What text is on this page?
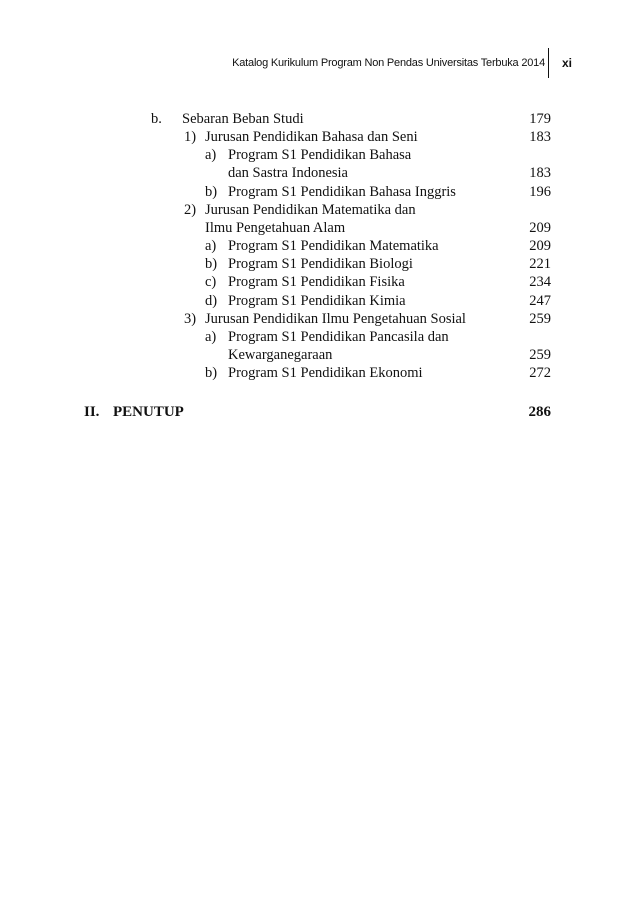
Katalog Kurikulum Program Non Pendas Universitas Terbuka 2014 xi
b. Sebaran Beban Studi	179
1) Jurusan Pendidikan Bahasa dan Seni	183
a) Program S1 Pendidikan Bahasa
dan Sastra Indonesia	183
b) Program S1 Pendidikan Bahasa Inggris	196
2) Jurusan Pendidikan Matematika dan
Ilmu Pengetahuan Alam	209
a) Program S1 Pendidikan Matematika	209
b) Program S1 Pendidikan Biologi	221
c) Program S1 Pendidikan Fisika	234
d) Program S1 Pendidikan Kimia	247
3) Jurusan Pendidikan Ilmu Pengetahuan Sosial	259
a) Program S1 Pendidikan Pancasila dan
Kewarganegaraan	259
b) Program S1 Pendidikan Ekonomi	272
II. PENUTUP	286
